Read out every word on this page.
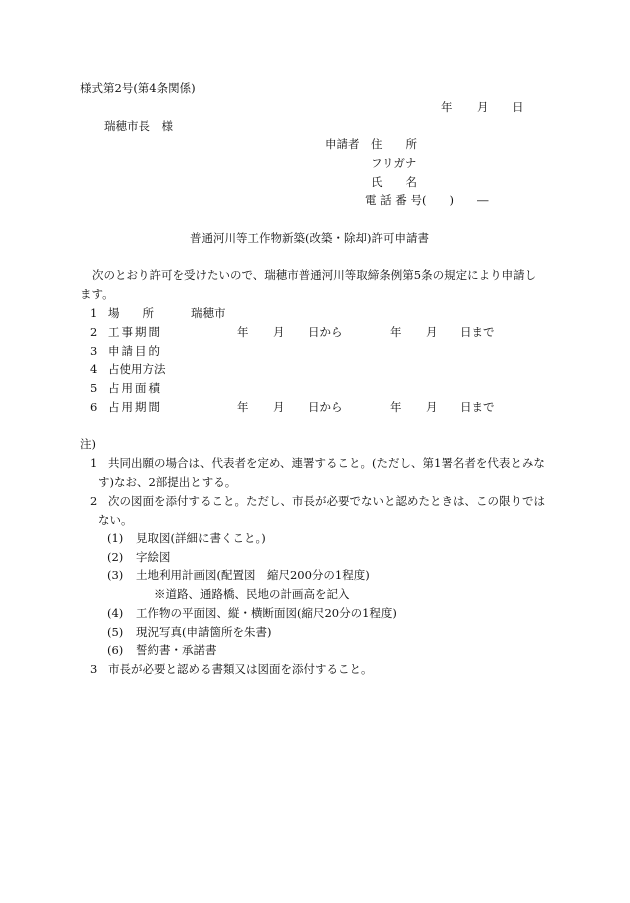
様式第2号(第4条関係)
年 月 日
瑞穂市長　様
申請者 住　　所
フリガナ
氏　　名
電 話 番 号(　　)　　―
普通河川等工作物新築(改築・除却)許可申請書
次のとおり許可を受けたいので、瑞穂市普通河川等取締条例第5条の規定により申請し
ます。
1 場　　所	瑞穂市
2 工事期間	年 月 日から	年 月 日まで
3 申請目的
4 占使用方法
5 占用面積
6 占用期間	年 月 日から	年 月 日まで
注)
1 共同出願の場合は、代表者を定め、連署すること。(ただし、第1署名者を代表とみな
す)なお、2部提出とする。
2 次の図面を添付すること。ただし、市長が必要でないと認めたときは、この限りでは
ない。
(1) 見取図(詳細に書くこと。)
(2) 字絵図
(3) 土地利用計画図(配置図　縮尺200分の1程度)
※道路、通路橋、民地の計画高を記入
(4) 工作物の平面図、縦・横断面図(縮尺20分の1程度)
(5) 現況写真(申請箇所を朱書)
(6) 誓約書・承諾書
3 市長が必要と認める書類又は図面を添付すること。
